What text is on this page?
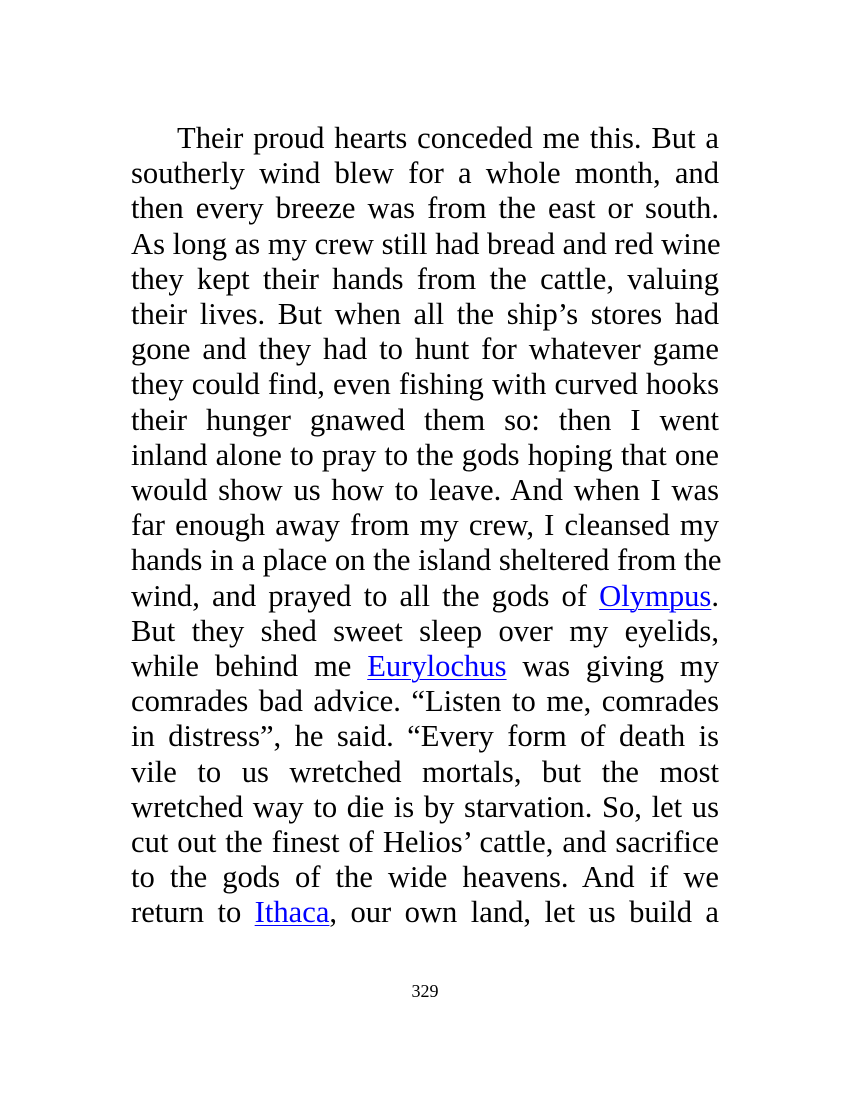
Their proud hearts conceded me this. But a
southerly wind blew for a whole month, and
then every breeze was from the east or south.
As long as my crew still had bread and red wine
they kept their hands from the cattle, valuing
their lives. But when all the ship’s stores had
gone and they had to hunt for whatever game
they could find, even fishing with curved hooks
their hunger gnawed them so: then I went
inland alone to pray to the gods hoping that one
would show us how to leave. And when I was
far enough away from my crew, I cleansed my
hands in a place on the island sheltered from the
wind, and prayed to all the gods of Olympus.
But they shed sweet sleep over my eyelids,
while behind me Eurylochus was giving my
comrades bad advice. “Listen to me, comrades
in distress”, he said. “Every form of death is
vile to us wretched mortals, but the most
wretched way to die is by starvation. So, let us
cut out the finest of Helios’ cattle, and sacrifice
to the gods of the wide heavens. And if we
return to Ithaca, our own land, let us build a
329
